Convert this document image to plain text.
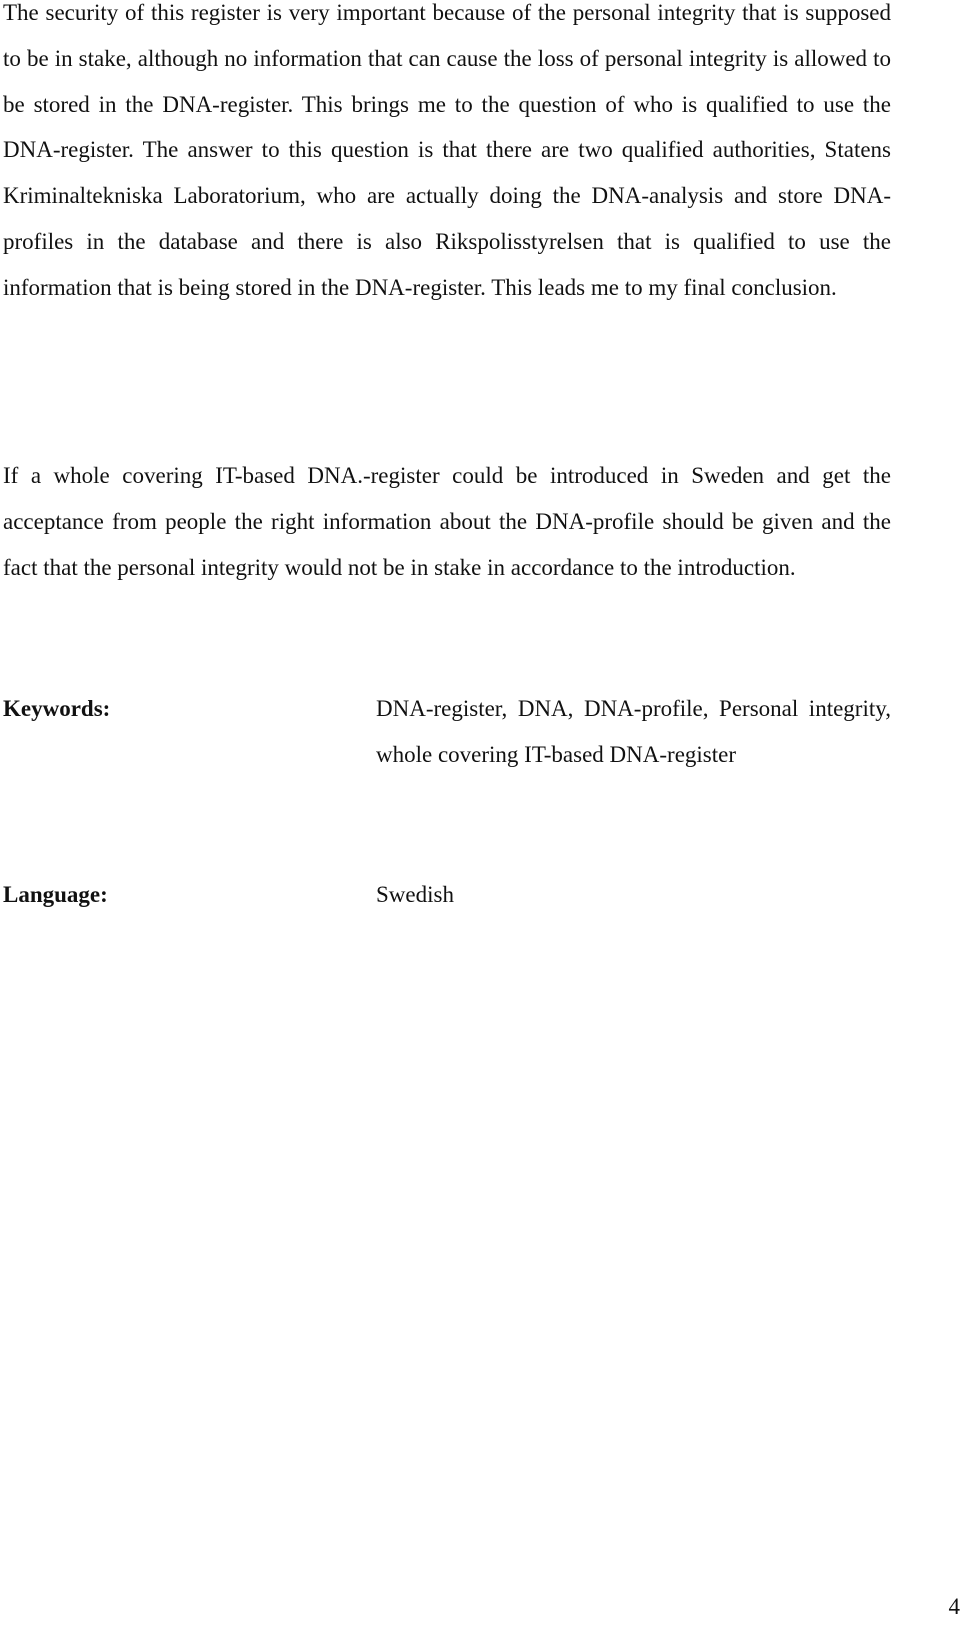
The security of this register is very important because of the personal integrity that is supposed to be in stake, although no information that can cause the loss of personal integrity is allowed to be stored in the DNA-register. This brings me to the question of who is qualified to use the DNA-register. The answer to this question is that there are two qualified authorities, Statens Kriminaltekniska Laboratorium, who are actually doing the DNA-analysis and store DNA-profiles in the database and there is also Rikspolisstyrelsen that is qualified to use the information that is being stored in the DNA-register. This leads me to my final conclusion.

If a whole covering IT-based DNA.-register could be introduced in Sweden and get the acceptance from people the right information about the DNA-profile should be given and the fact that the personal integrity would not be in stake in accordance to the introduction.

Keywords:	DNA-register, DNA, DNA-profile, Personal integrity, whole covering IT-based DNA-register

Language:	Swedish

4
